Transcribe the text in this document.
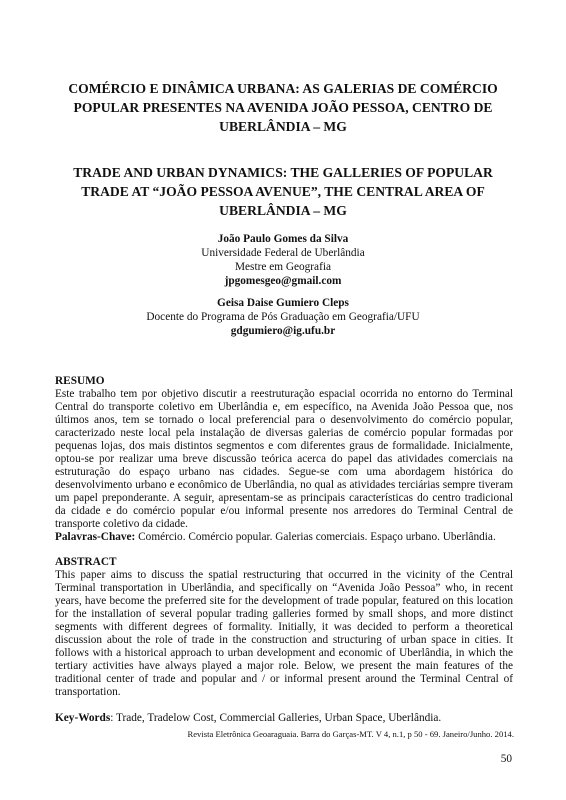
COMÉRCIO E DINÂMICA URBANA: AS GALERIAS DE COMÉRCIO POPULAR PRESENTES NA AVENIDA JOÃO PESSOA, CENTRO DE UBERLÂNDIA – MG
TRADE AND URBAN DYNAMICS: THE GALLERIES OF POPULAR TRADE AT “JOÃO PESSOA AVENUE”, THE CENTRAL AREA OF UBERLÂNDIA – MG
João Paulo Gomes da Silva
Universidade Federal de Uberlândia
Mestre em Geografia
jpgomesgeo@gmail.com
Geisa Daise Gumiero Cleps
Docente do Programa de Pós Graduação em Geografia/UFU
gdgumiero@ig.ufu.br
RESUMO
Este trabalho tem por objetivo discutir a reestruturação espacial ocorrida no entorno do Terminal Central do transporte coletivo em Uberlândia e, em específico, na Avenida João Pessoa que, nos últimos anos, tem se tornado o local preferencial para o desenvolvimento do comércio popular, caracterizado neste local pela instalação de diversas galerias de comércio popular formadas por pequenas lojas, dos mais distintos segmentos e com diferentes graus de formalidade. Inicialmente, optou-se por realizar uma breve discussão teórica acerca do papel das atividades comerciais na estruturação do espaço urbano nas cidades. Segue-se com uma abordagem histórica do desenvolvimento urbano e econômico de Uberlândia, no qual as atividades terciárias sempre tiveram um papel preponderante. A seguir, apresentam-se as principais características do centro tradicional da cidade e do comércio popular e/ou informal presente nos arredores do Terminal Central de transporte coletivo da cidade.
Palavras-Chave: Comércio. Comércio popular. Galerias comerciais. Espaço urbano. Uberlândia.
ABSTRACT
This paper aims to discuss the spatial restructuring that occurred in the vicinity of the Central Terminal transportation in Uberlândia, and specifically on “Avenida João Pessoa” who, in recent years, have become the preferred site for the development of trade popular, featured on this location for the installation of several popular trading galleries formed by small shops, and more distinct segments with different degrees of formality. Initially, it was decided to perform a theoretical discussion about the role of trade in the construction and structuring of urban space in cities. It follows with a historical approach to urban development and economic of Uberlândia, in which the tertiary activities have always played a major role. Below, we present the main features of the traditional center of trade and popular and / or informal present around the Terminal Central of transportation.
Key-Words: Trade, Tradelow Cost, Commercial Galleries, Urban Space, Uberlândia.
Revista Eletrônica Geoaraguaia. Barra do Garças-MT. V 4, n.1, p 50 - 69. Janeiro/Junho. 2014.
50
